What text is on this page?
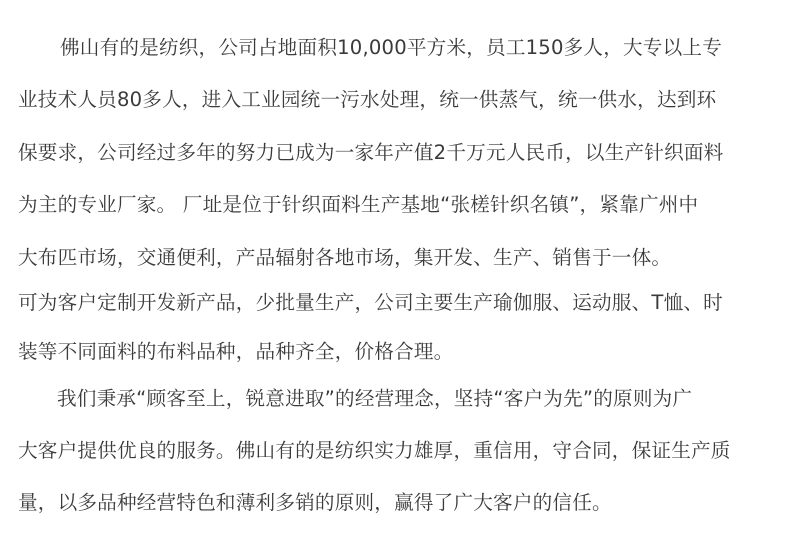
佛山有的是纺织，公司占地面积10,000平方米，员工150多人，大专以上专
业技术人员80多人，进入工业园统一污水处理，统一供蒸气，统一供水，达到环
保要求，公司经过多年的努力已成为一家年产值2千万元人民币，以生产针织面料
为主的专业厂家。 厂址是位于针织面料生产基地“张槎针织名镇”，紧靠广州中
大布匹市场，交通便利，产品辐射各地市场，集开发、生产、销售于一体。
可为客户定制开发新产品，少批量生产，公司主要生产瑜伽服、运动服、T恤、时
装等不同面料的布料品种，品种齐全，价格合理。
我们秉承“顾客至上，锐意进取”的经营理念，坚持“客户为先”的原则为广
大客户提供优良的服务。佛山有的是纺织实力雄厚，重信用，守合同，保证生产质
量，以多品种经营特色和薄利多销的原则，赢得了广大客户的信任。
